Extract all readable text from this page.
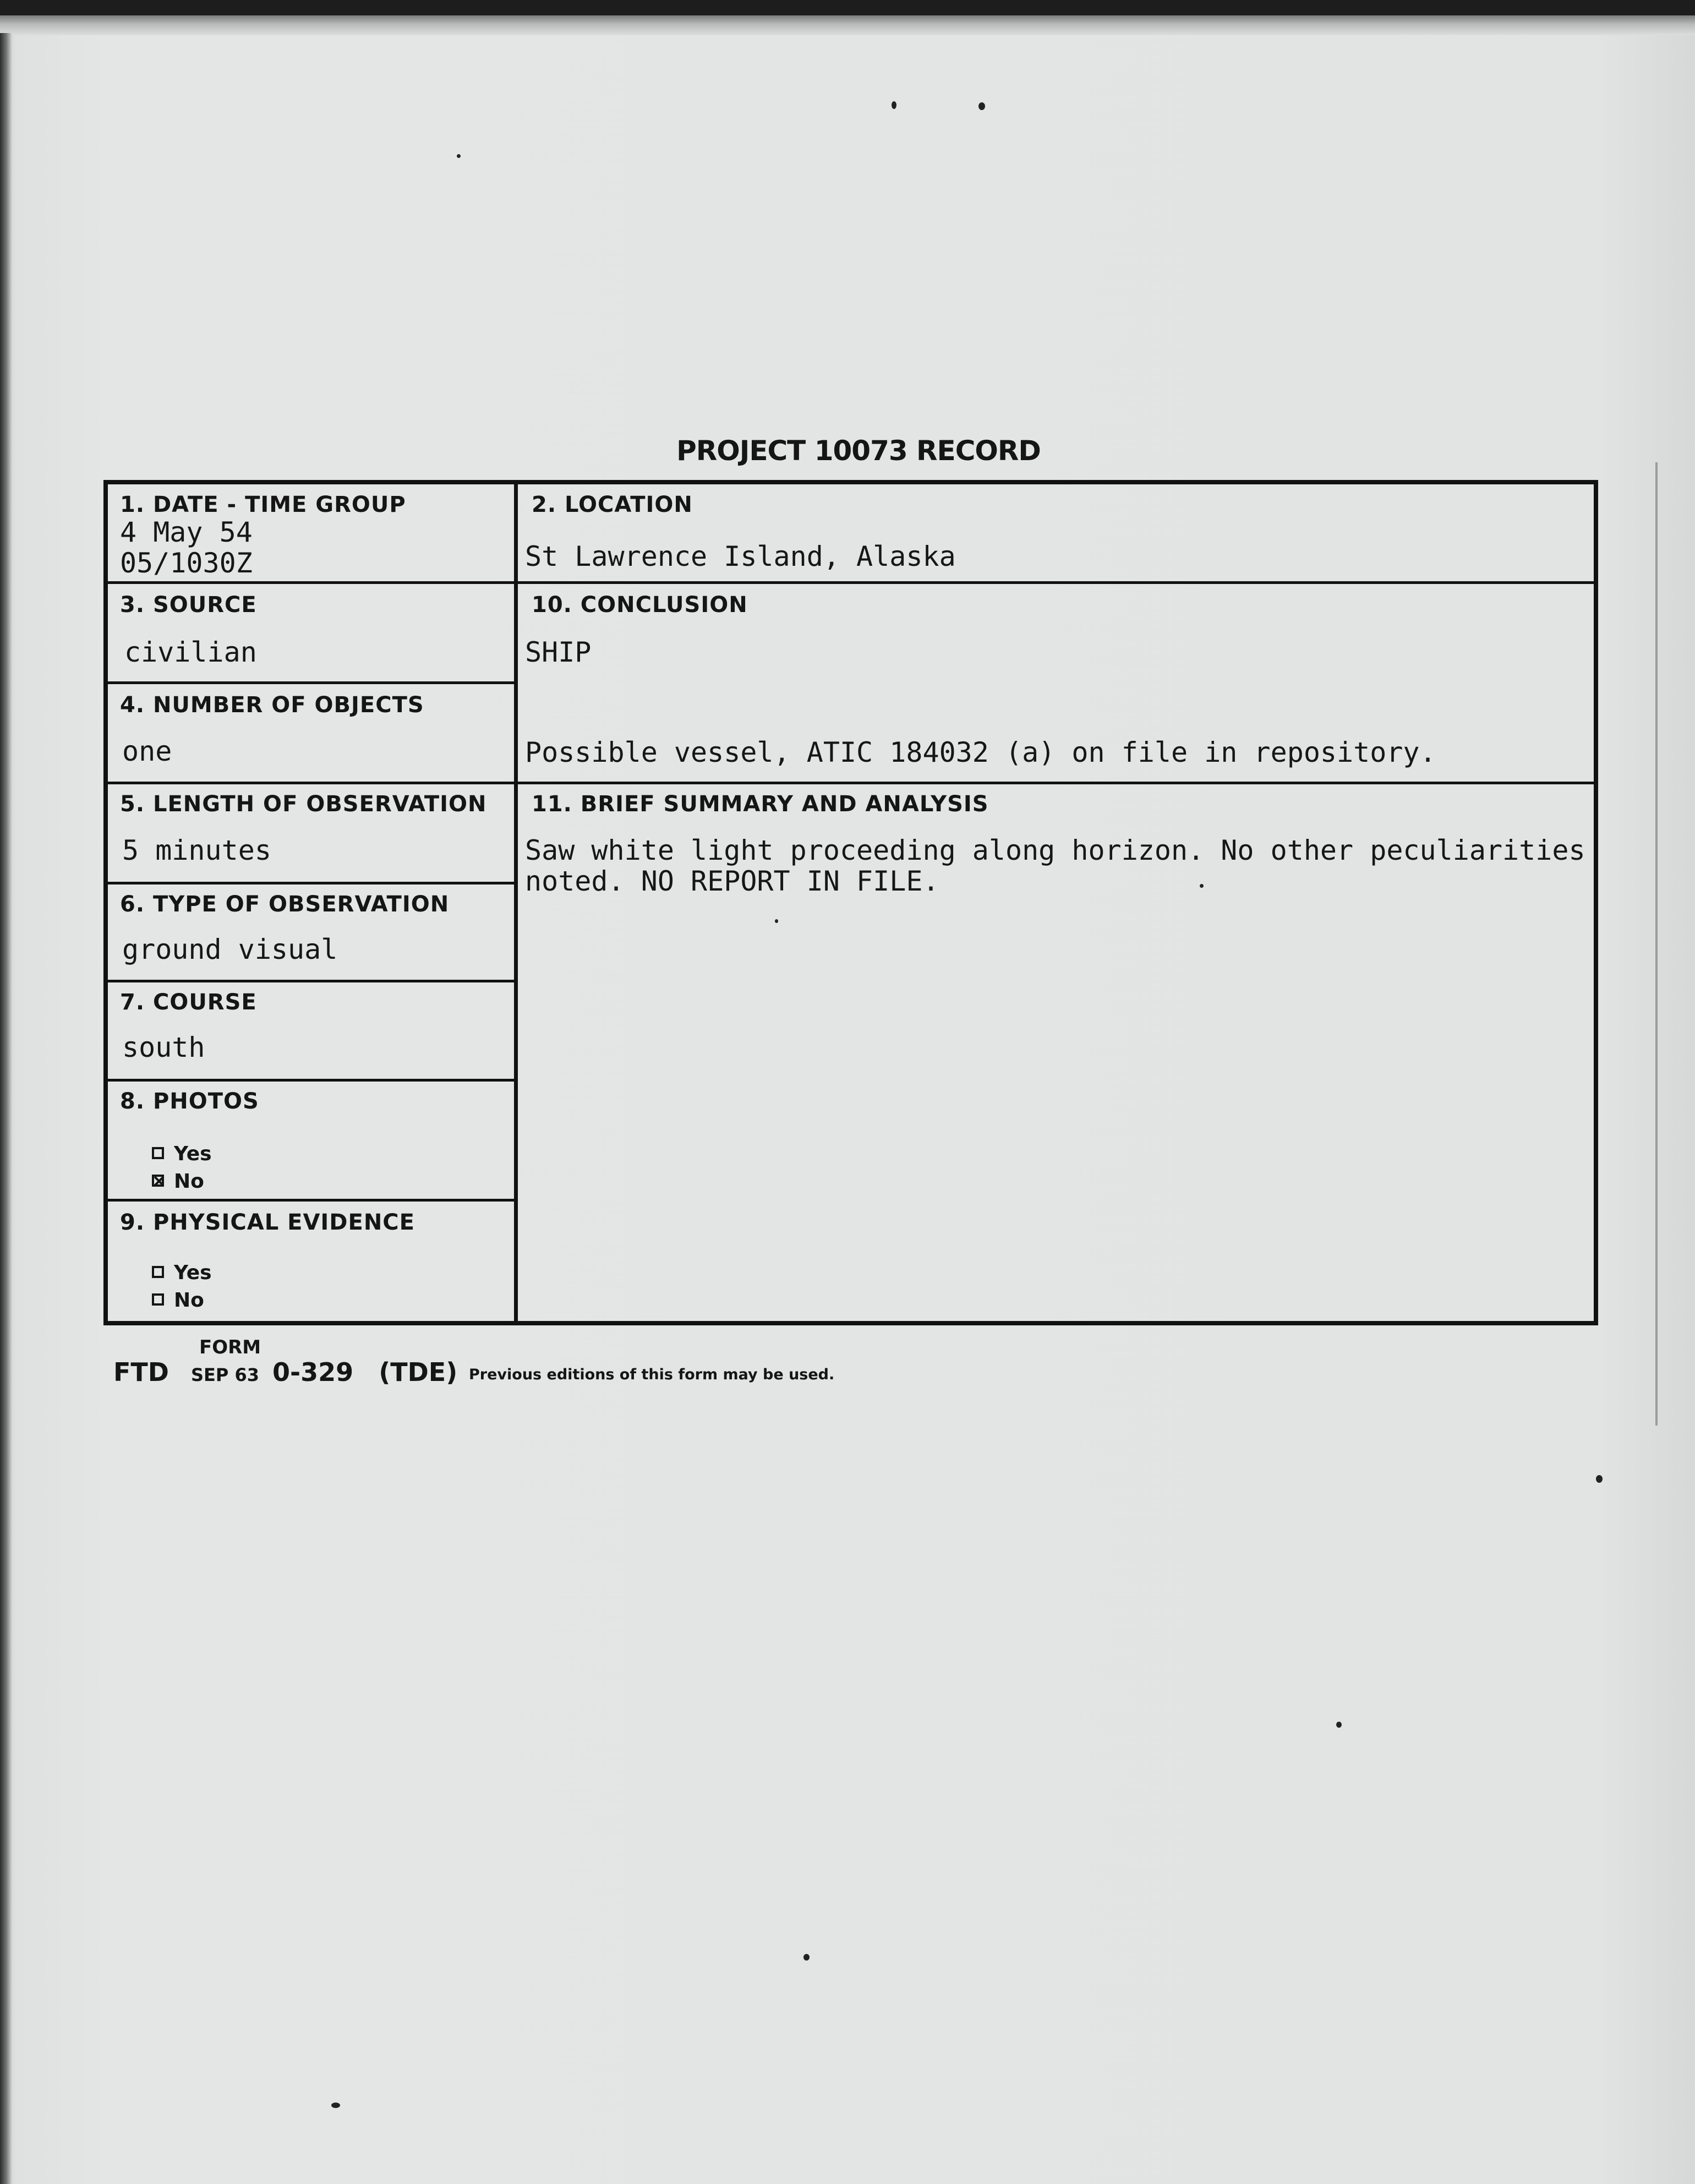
PROJECT 10073 RECORD
1. DATE - TIME GROUP
4 May 54
05/1030Z
2. LOCATION
St Lawrence Island, Alaska
3. SOURCE
civilian
10. CONCLUSION
SHIP
Possible vessel, ATIC 184032 (a) on file in repository.
4. NUMBER OF OBJECTS
one
5. LENGTH OF OBSERVATION
5 minutes
11. BRIEF SUMMARY AND ANALYSIS
Saw white light proceeding along horizon. No other peculiarities
noted. NO REPORT IN FILE.
6. TYPE OF OBSERVATION
ground visual
7. COURSE
south
8. PHOTOS
Yes
No
9. PHYSICAL EVIDENCE
Yes
No
FORM
FTD SEP 63 0-329 (TDE) Previous editions of this form may be used.
